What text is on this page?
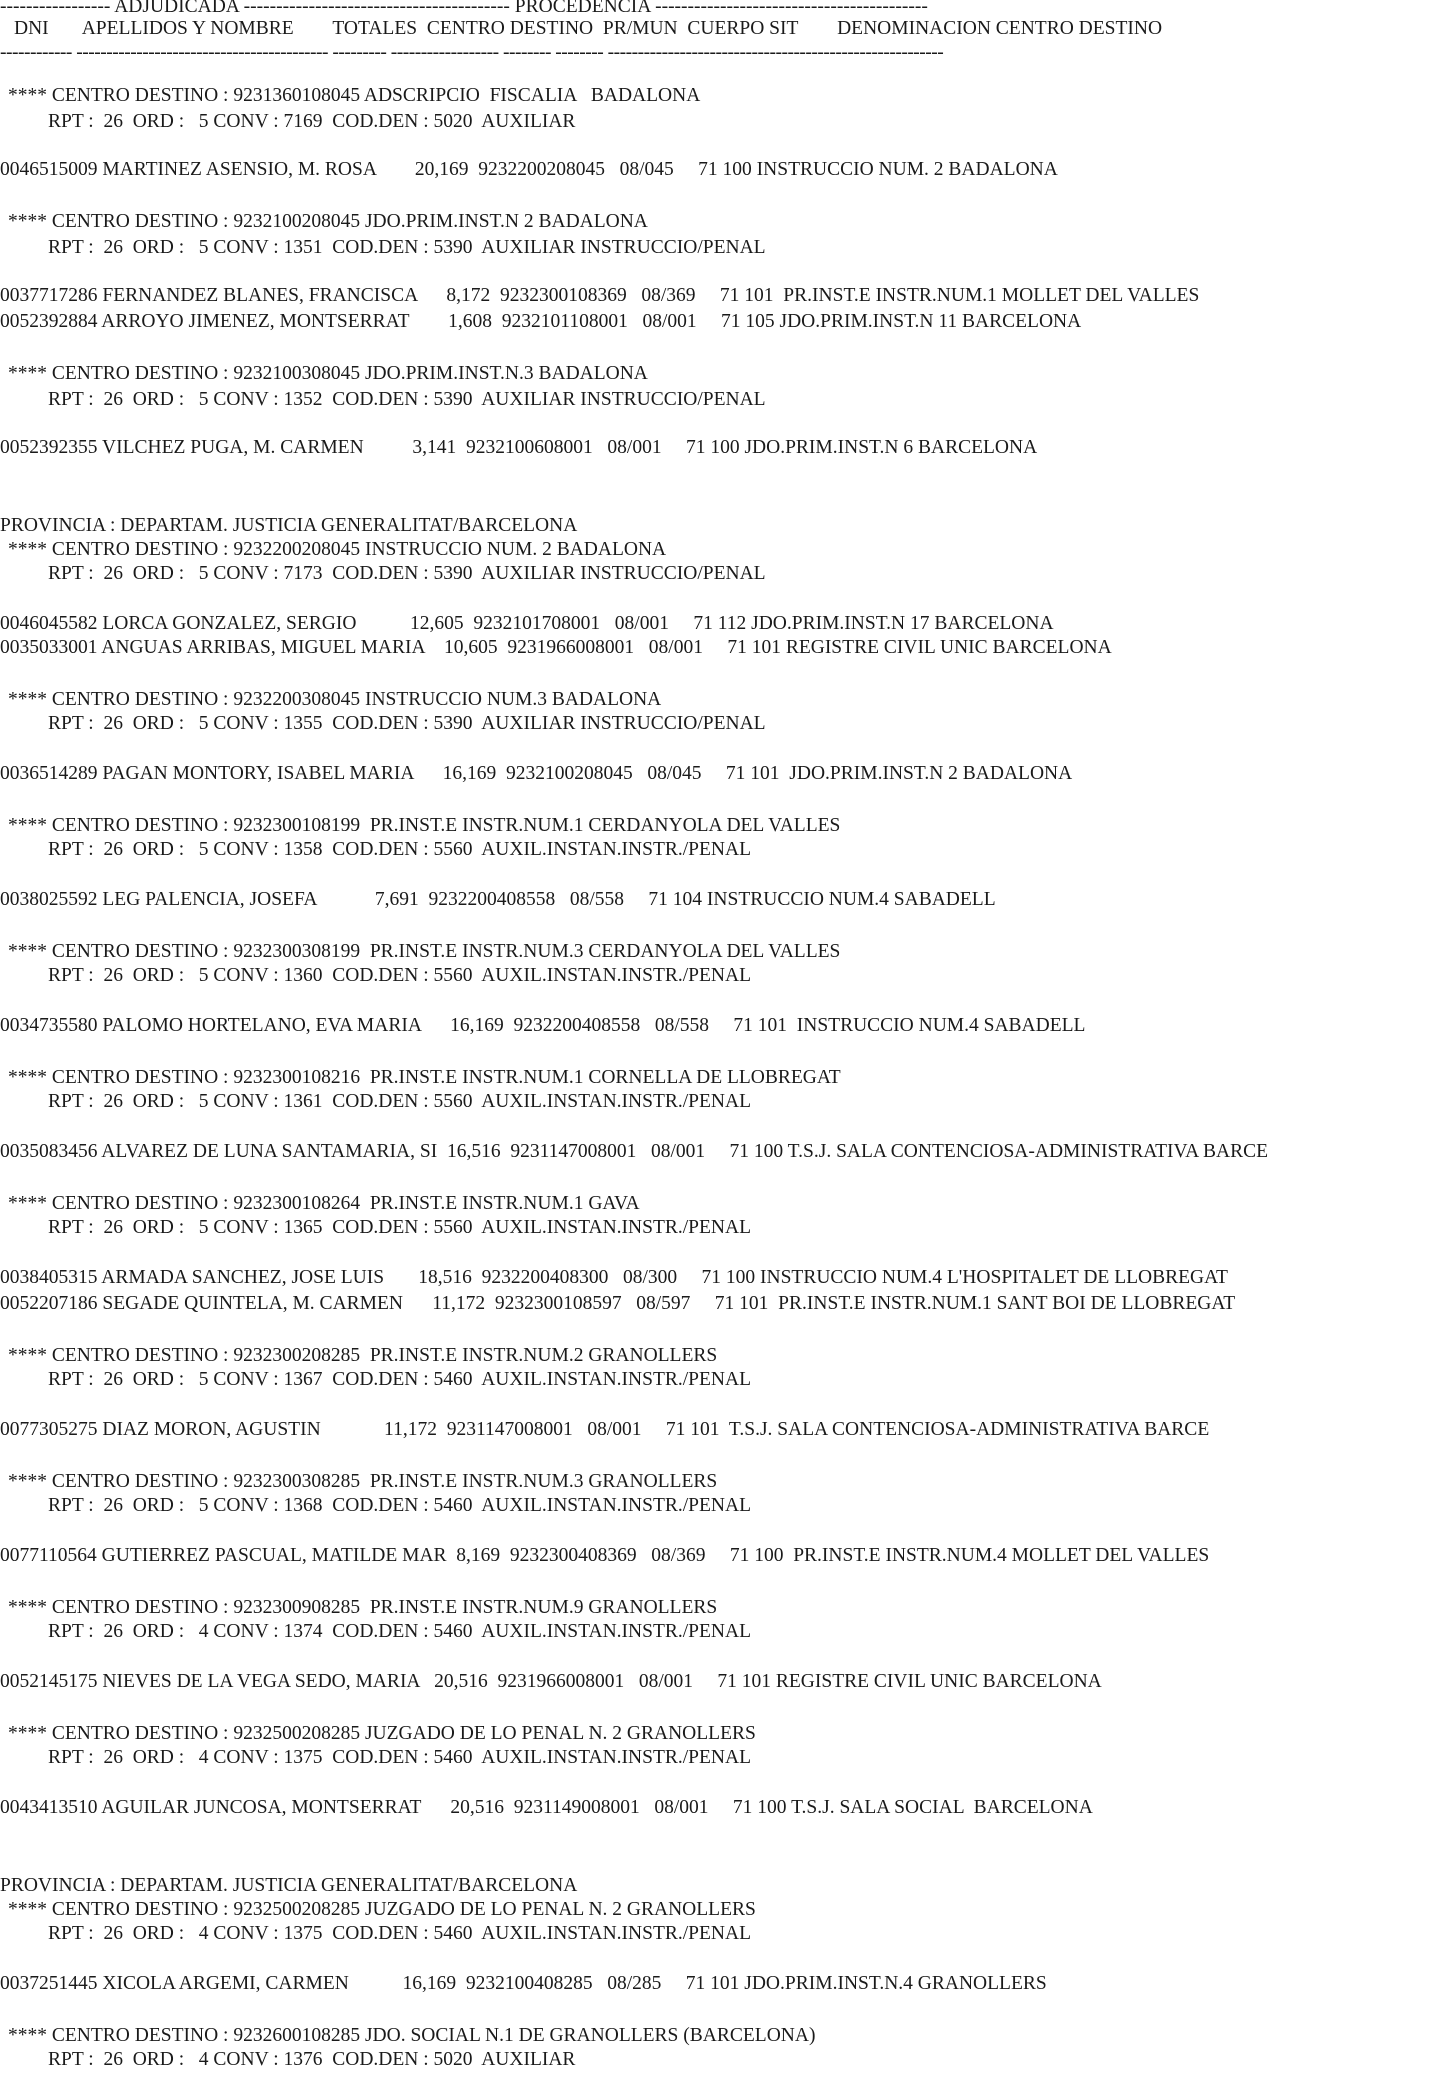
----------------- ADJUDICADA ----------------------------------------- PROCEDENCIA ------------------------------------------
DNI       APELLIDOS Y NOMBRE        TOTALES  CENTRO DESTINO  PR/MUN  CUERPO SIT        DENOMINACION CENTRO DESTINO
------------ ------------------------------------------ --------- ------------------ -------- -------- --------------------------------------------------------
**** CENTRO DESTINO : 9231360108045 ADSCRIPCIO  FISCALIA   BADALONA
RPT :  26  ORD :   5 CONV : 7169  COD.DEN : 5020  AUXILIAR
0046515009 MARTINEZ ASENSIO, M. ROSA        20,169  9232200208045   08/045     71 100 INSTRUCCIO NUM. 2 BADALONA
**** CENTRO DESTINO : 9232100208045 JDO.PRIM.INST.N 2 BADALONA
RPT :  26  ORD :   5 CONV : 1351  COD.DEN : 5390  AUXILIAR INSTRUCCIO/PENAL
0037717286 FERNANDEZ BLANES, FRANCISCA      8,172  9232300108369   08/369     71 101  PR.INST.E INSTR.NUM.1 MOLLET DEL VALLES
0052392884 ARROYO JIMENEZ, MONTSERRAT        1,608  9232101108001   08/001     71 105 JDO.PRIM.INST.N 11 BARCELONA
**** CENTRO DESTINO : 9232100308045 JDO.PRIM.INST.N.3 BADALONA
RPT :  26  ORD :   5 CONV : 1352  COD.DEN : 5390  AUXILIAR INSTRUCCIO/PENAL
0052392355 VILCHEZ PUGA, M. CARMEN          3,141  9232100608001   08/001     71 100 JDO.PRIM.INST.N 6 BARCELONA
PROVINCIA : DEPARTAM. JUSTICIA GENERALITAT/BARCELONA
**** CENTRO DESTINO : 9232200208045 INSTRUCCIO NUM. 2 BADALONA
RPT :  26  ORD :   5 CONV : 7173  COD.DEN : 5390  AUXILIAR INSTRUCCIO/PENAL
0046045582 LORCA GONZALEZ, SERGIO           12,605  9232101708001   08/001     71 112 JDO.PRIM.INST.N 17 BARCELONA
0035033001 ANGUAS ARRIBAS, MIGUEL MARIA    10,605  9231966008001   08/001     71 101 REGISTRE CIVIL UNIC BARCELONA
**** CENTRO DESTINO : 9232200308045 INSTRUCCIO NUM.3 BADALONA
RPT :  26  ORD :   5 CONV : 1355  COD.DEN : 5390  AUXILIAR INSTRUCCIO/PENAL
0036514289 PAGAN MONTORY, ISABEL MARIA      16,169  9232100208045   08/045     71 101  JDO.PRIM.INST.N 2 BADALONA
**** CENTRO DESTINO : 9232300108199  PR.INST.E INSTR.NUM.1 CERDANYOLA DEL VALLES
RPT :  26  ORD :   5 CONV : 1358  COD.DEN : 5560  AUXIL.INSTAN.INSTR./PENAL
0038025592 LEG PALENCIA, JOSEFA            7,691  9232200408558   08/558     71 104 INSTRUCCIO NUM.4 SABADELL
**** CENTRO DESTINO : 9232300308199  PR.INST.E INSTR.NUM.3 CERDANYOLA DEL VALLES
RPT :  26  ORD :   5 CONV : 1360  COD.DEN : 5560  AUXIL.INSTAN.INSTR./PENAL
0034735580 PALOMO HORTELANO, EVA MARIA      16,169  9232200408558   08/558     71 101  INSTRUCCIO NUM.4 SABADELL
**** CENTRO DESTINO : 9232300108216  PR.INST.E INSTR.NUM.1 CORNELLA DE LLOBREGAT
RPT :  26  ORD :   5 CONV : 1361  COD.DEN : 5560  AUXIL.INSTAN.INSTR./PENAL
0035083456 ALVAREZ DE LUNA SANTAMARIA, SI  16,516  9231147008001   08/001     71 100 T.S.J. SALA CONTENCIOSA-ADMINISTRATIVA BARCE
**** CENTRO DESTINO : 9232300108264  PR.INST.E INSTR.NUM.1 GAVA
RPT :  26  ORD :   5 CONV : 1365  COD.DEN : 5560  AUXIL.INSTAN.INSTR./PENAL
0038405315 ARMADA SANCHEZ, JOSE LUIS       18,516  9232200408300   08/300     71 100 INSTRUCCIO NUM.4 L'HOSPITALET DE LLOBREGAT
0052207186 SEGADE QUINTELA, M. CARMEN      11,172  9232300108597   08/597     71 101  PR.INST.E INSTR.NUM.1 SANT BOI DE LLOBREGAT
**** CENTRO DESTINO : 9232300208285  PR.INST.E INSTR.NUM.2 GRANOLLERS
RPT :  26  ORD :   5 CONV : 1367  COD.DEN : 5460  AUXIL.INSTAN.INSTR./PENAL
0077305275 DIAZ MORON, AGUSTIN             11,172  9231147008001   08/001     71 101  T.S.J. SALA CONTENCIOSA-ADMINISTRATIVA BARCE
**** CENTRO DESTINO : 9232300308285  PR.INST.E INSTR.NUM.3 GRANOLLERS
RPT :  26  ORD :   5 CONV : 1368  COD.DEN : 5460  AUXIL.INSTAN.INSTR./PENAL
0077110564 GUTIERREZ PASCUAL, MATILDE MAR  8,169  9232300408369   08/369     71 100  PR.INST.E INSTR.NUM.4 MOLLET DEL VALLES
**** CENTRO DESTINO : 9232300908285  PR.INST.E INSTR.NUM.9 GRANOLLERS
RPT :  26  ORD :   4 CONV : 1374  COD.DEN : 5460  AUXIL.INSTAN.INSTR./PENAL
0052145175 NIEVES DE LA VEGA SEDO, MARIA   20,516  9231966008001   08/001     71 101 REGISTRE CIVIL UNIC BARCELONA
**** CENTRO DESTINO : 9232500208285 JUZGADO DE LO PENAL N. 2 GRANOLLERS
RPT :  26  ORD :   4 CONV : 1375  COD.DEN : 5460  AUXIL.INSTAN.INSTR./PENAL
0043413510 AGUILAR JUNCOSA, MONTSERRAT      20,516  9231149008001   08/001     71 100 T.S.J. SALA SOCIAL  BARCELONA
PROVINCIA : DEPARTAM. JUSTICIA GENERALITAT/BARCELONA
**** CENTRO DESTINO : 9232500208285 JUZGADO DE LO PENAL N. 2 GRANOLLERS
RPT :  26  ORD :   4 CONV : 1375  COD.DEN : 5460  AUXIL.INSTAN.INSTR./PENAL
0037251445 XICOLA ARGEMI, CARMEN           16,169  9232100408285   08/285     71 101 JDO.PRIM.INST.N.4 GRANOLLERS
**** CENTRO DESTINO : 9232600108285 JDO. SOCIAL N.1 DE GRANOLLERS (BARCELONA)
RPT :  26  ORD :   4 CONV : 1376  COD.DEN : 5020  AUXILIAR
